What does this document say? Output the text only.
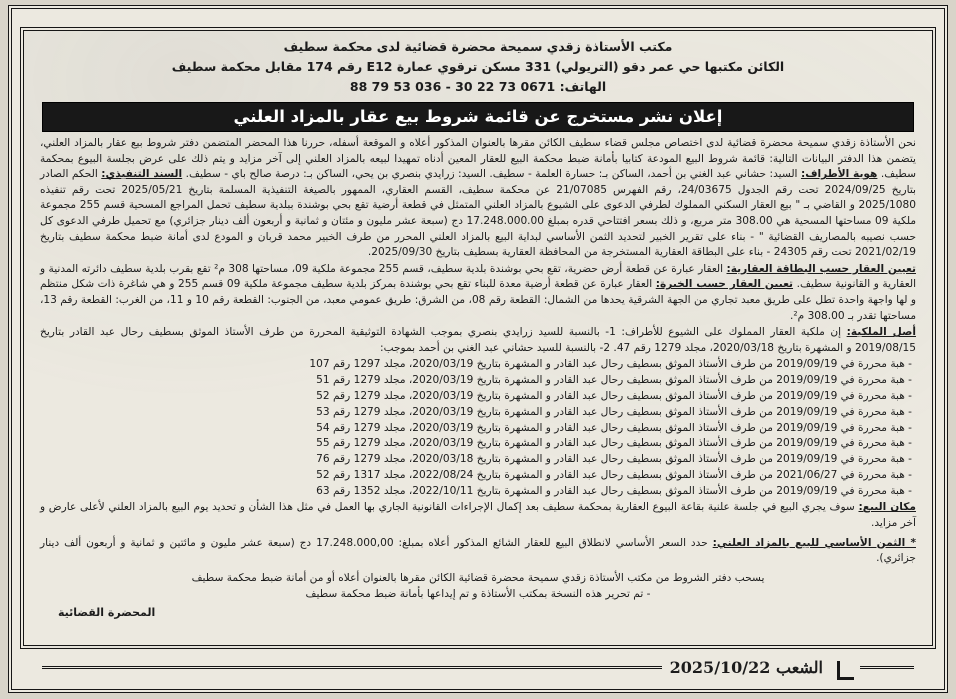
مكتب الأستاذة زقدي سميحة محضرة قضائية لدى محكمة سطيف
الكائن مكتبها حي عمر دقو (التريولي) 331 مسكن ترقوي عمارة E12 رقم 174 مقابل محكمة سطيف
الهاتف: 0671 73 22 30 - 036 53 79 88
إعلان نشر مستخرج عن قائمة شروط بيع عقار بالمزاد العلني

نحن الأستاذة زقدي سميحة محضرة قضائية لدى اختصاص مجلس قضاء سطيف الكائن مقرها بالعنوان المذكور أعلاه و الموقعة أسفله، حررنا هذا المحضر المتضمن دفتر شروط بيع عقار بالمزاد العلني، يتضمن هذا الدفتر البيانات التالية: قائمة شروط البيع المودعة كتابيا بأمانة ضبط محكمة البيع للعقار المعين أدناه تمهيدا لبيعه بالمزاد العلني إلى آخر مزايد و يتم ذلك على عرض بجلسة البيوع بمحكمة سطيف. هوية الأطراف: السيد: حشاني عبد الغني بن أحمد، الساكن بـ: حسارة العلمة - سطيف. السيد: زرايدي بنصري بن يحي، الساكن بـ: درصة صالح باي - سطيف. السند التنفيذي: الحكم الصادر بتاريخ 2024/09/25 تحت رقم الجدول 24/03675، رقم الفهرس 21/07085 عن محكمة سطيف، القسم العقاري، الممهور بالصيغة التنفيذية المسلمة بتاريخ 2025/05/21 تحت رقم تنفيذه 2025/1080 و القاضي بـ " بيع العقار السكني المملوك لطرفي الدعوى على الشيوع بالمزاد العلني المتمثل في قطعة أرضية تقع بحي بوشندة ببلدية سطيف تحمل المراجع المسحية قسم 255 مجموعة ملكية 09 مساحتها المسحية هي 308.00 متر مربع، و ذلك بسعر افتتاحي قدره بمبلغ 17.248.000.00 دج (سبعة عشر مليون و مئتان و ثمانية و أربعون ألف دينار جزائري) مع تحميل طرفي الدعوى كل حسب نصيبه بالمصاريف القضائية " - بناء على تقرير الخبير لتحديد الثمن الأساسي لبداية البيع بالمزاد العلني المحرر من طرف الخبير محمد قربان و المودع لدى أمانة ضبط محكمة سطيف بتاريخ 2021/02/19 تحت رقم 24305 - بناء على البطاقة العقارية المستخرجة من المحافظة العقارية بسطيف بتاريخ 2025/09/30.

تعيين العقار حسب البطاقة العقارية: العقار عبارة عن قطعة أرض حضرية، تقع بحي بوشندة بلدية سطيف، قسم 255 مجموعة ملكية 09، مساحتها 308 م² تقع بقرب بلدية سطيف دائرته المدنية و العقارية و القانونية سطيف. تعيين العقار حسب الخبرة: العقار عبارة عن قطعة أرضية معدة للبناء تقع بحي بوشندة بمركز بلدية سطيف مجموعة ملكية 09 قسم 255 و هي شاغرة ذات شكل منتظم و لها واجهة واحدة تطل على طريق معبد تجاري من الجهة الشرقية يحدها من الشمال: القطعة رقم 08، من الشرق: طريق عمومي معبد، من الجنوب: القطعة رقم 10 و 11، من الغرب: القطعة رقم 13، مساحتها تقدر بـ 308.00 م².

أصل الملكية: إن ملكية العقار المملوك على الشيوع للأطراف: 1- بالنسبة للسيد زرايدي بنصري بموجب الشهادة التوثيقية المحررة من طرف الأستاذ الموثق بسطيف رحال عبد القادر بتاريخ 2019/08/15 و المشهرة بتاريخ 2020/03/18، مجلد 1279 رقم 47. 2- بالنسبة للسيد حشاني عبد الغني بن أحمد بموجب:

- هبة محررة في 2019/09/19 من طرف الأستاذ الموثق بسطيف رحال عبد القادر و المشهرة بتاريخ 2020/03/19، مجلد 1297 رقم 107
- هبة محررة في 2019/09/19 من طرف الأستاذ الموثق بسطيف رحال عبد القادر و المشهرة بتاريخ 2020/03/19، مجلد 1279 رقم 51
- هبة محررة في 2019/09/19 من طرف الأستاذ الموثق بسطيف رحال عبد القادر و المشهرة بتاريخ 2020/03/19، مجلد 1279 رقم 52
- هبة محررة في 2019/09/19 من طرف الأستاذ الموثق بسطيف رحال عبد القادر و المشهرة بتاريخ 2020/03/19، مجلد 1279 رقم 53
- هبة محررة في 2019/09/19 من طرف الأستاذ الموثق بسطيف رحال عبد القادر و المشهرة بتاريخ 2020/03/19، مجلد 1279 رقم 54
- هبة محررة في 2019/09/19 من طرف الأستاذ الموثق بسطيف رحال عبد القادر و المشهرة بتاريخ 2020/03/19، مجلد 1279 رقم 55
- هبة محررة في 2019/09/19 من طرف الأستاذ الموثق بسطيف رحال عبد القادر و المشهرة بتاريخ 2020/03/18، مجلد 1279 رقم 76
- هبة محررة في 2021/06/27 من طرف الأستاذ الموثق بسطيف رحال عبد القادر و المشهرة بتاريخ 2022/08/24، مجلد 1317 رقم 52
- هبة محررة في 2019/09/19 من طرف الأستاذ الموثق بسطيف رحال عبد القادر و المشهرة بتاريخ 2022/10/11، مجلد 1352 رقم 63

مكان البيع: سوف يجري البيع في جلسة علنية بقاعة البيوع العقارية بمحكمة سطيف بعد إكمال الإجراءات القانونية الجاري بها العمل في مثل هذا الشأن و تحديد يوم البيع بالمزاد العلني لأعلى عارض و آخر مزايد.

* الثمن الأساسي للبيع بالمزاد العلني: حدد السعر الأساسي لانطلاق البيع للعقار الشائع المذكور أعلاه بمبلغ: 17.248.000,00 دج (سبعة عشر مليون و مائتين و ثمانية و أربعون ألف دينار جزائري).

يسحب دفتر الشروط من مكتب الأستاذة زقدي سميحة محضرة قضائية الكائن مقرها بالعنوان أعلاه أو من أمانة ضبط محكمة سطيف
- تم تحرير هذه النسخة بمكتب الأستاذة و تم إيداعها بأمانة ضبط محكمة سطيف
المحضرة القضائية
الشعب 2025/10/22
